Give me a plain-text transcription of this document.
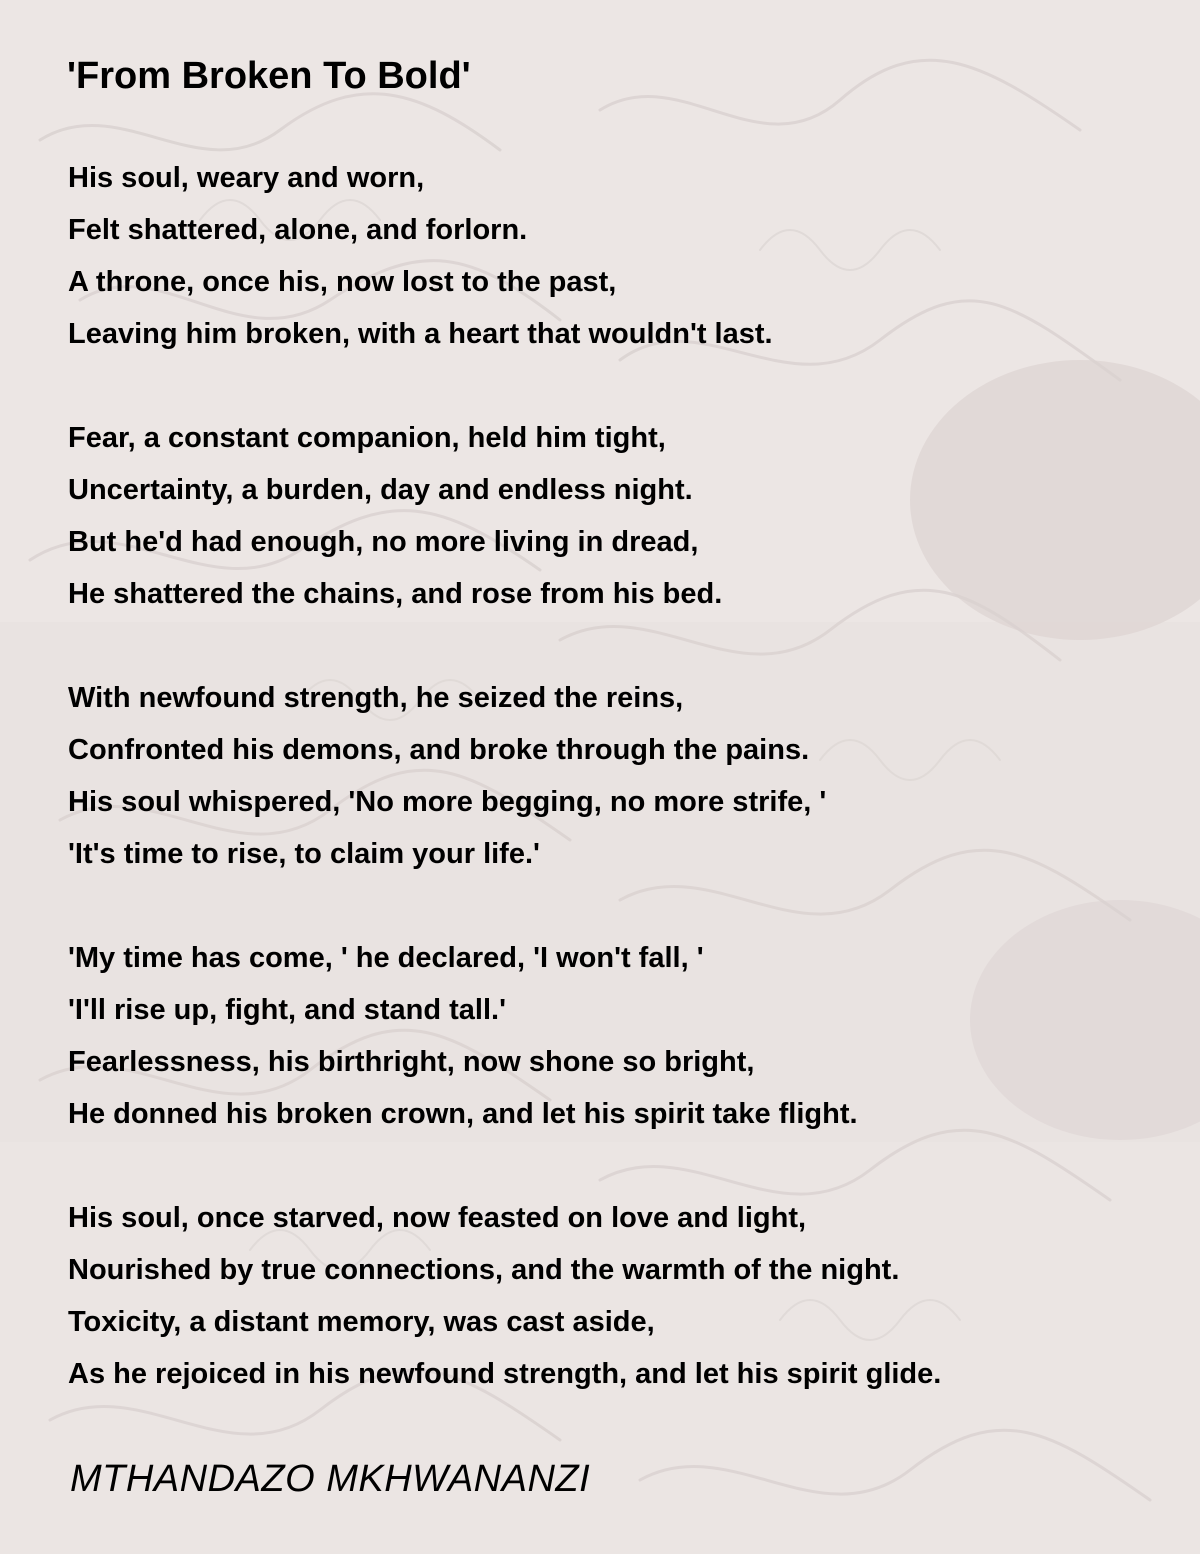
'From Broken To Bold'
His soul, weary and worn,
Felt shattered, alone, and forlorn.
A throne, once his, now lost to the past,
Leaving him broken, with a heart that wouldn't last.
Fear, a constant companion, held him tight,
Uncertainty, a burden, day and endless night.
But he'd had enough, no more living in dread,
He shattered the chains, and rose from his bed.
With newfound strength, he seized the reins,
Confronted his demons, and broke through the pains.
His soul whispered, 'No more begging, no more strife, '
'It's time to rise, to claim your life.'
'My time has come, ' he declared, 'I won't fall, '
'I'll rise up, fight, and stand tall.'
Fearlessness, his birthright, now shone so bright,
He donned his broken crown, and let his spirit take flight.
His soul, once starved, now feasted on love and light,
Nourished by true connections, and the warmth of the night.
Toxicity, a distant memory, was cast aside,
As he rejoiced in his newfound strength, and let his spirit glide.

MTHANDAZO MKHWANANZI
